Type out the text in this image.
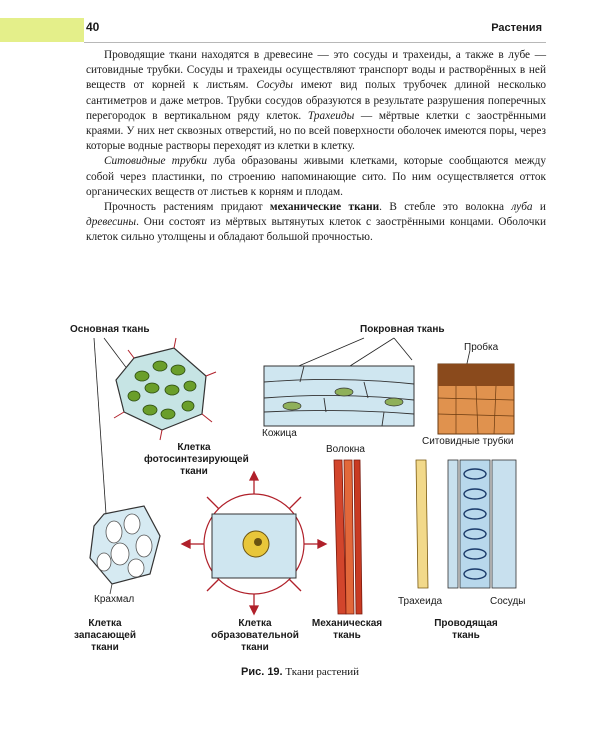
40	Растения

Проводящие ткани находятся в древесине — это сосуды и трахеиды, а также в лубе — ситовидные трубки. Сосуды и трахеиды осуществляют транспорт воды и растворённых в ней веществ от корней к листьям. Сосуды имеют вид полых трубочек длиной несколько сантиметров и даже метров. Трубки сосудов образуются в результате разрушения поперечных перегородок в вертикальном ряду клеток. Трахеиды — мёртвые клетки с заострёнными краями. У них нет сквозных отверстий, но по всей поверхности оболочек имеются поры, через которые водные растворы переходят из клетки в клетку.

Ситовидные трубки луба образованы живыми клетками, которые сообщаются между собой через пластинки, по строению напоминающие сито. По ним осуществляется отток органических веществ от листьев к корням и плодам.

Прочность растениям придают механические ткани. В стебле это волокна луба и древесины. Они состоят из мёртвых вытянутых клеток с заострёнными концами. Оболочки клеток сильно утолщены и обладают большой прочностью.

Основная ткань	Покровная ткань
Пробка
Кожица
Волокна
Ситовидные трубки
Клетка фотосинтезирующей ткани
Крахмал
Клетка запасающей ткани
Клетка образовательной ткани
Механическая ткань
Трахеида	Сосуды
Проводящая ткань
Рис. 19. Ткани растений
